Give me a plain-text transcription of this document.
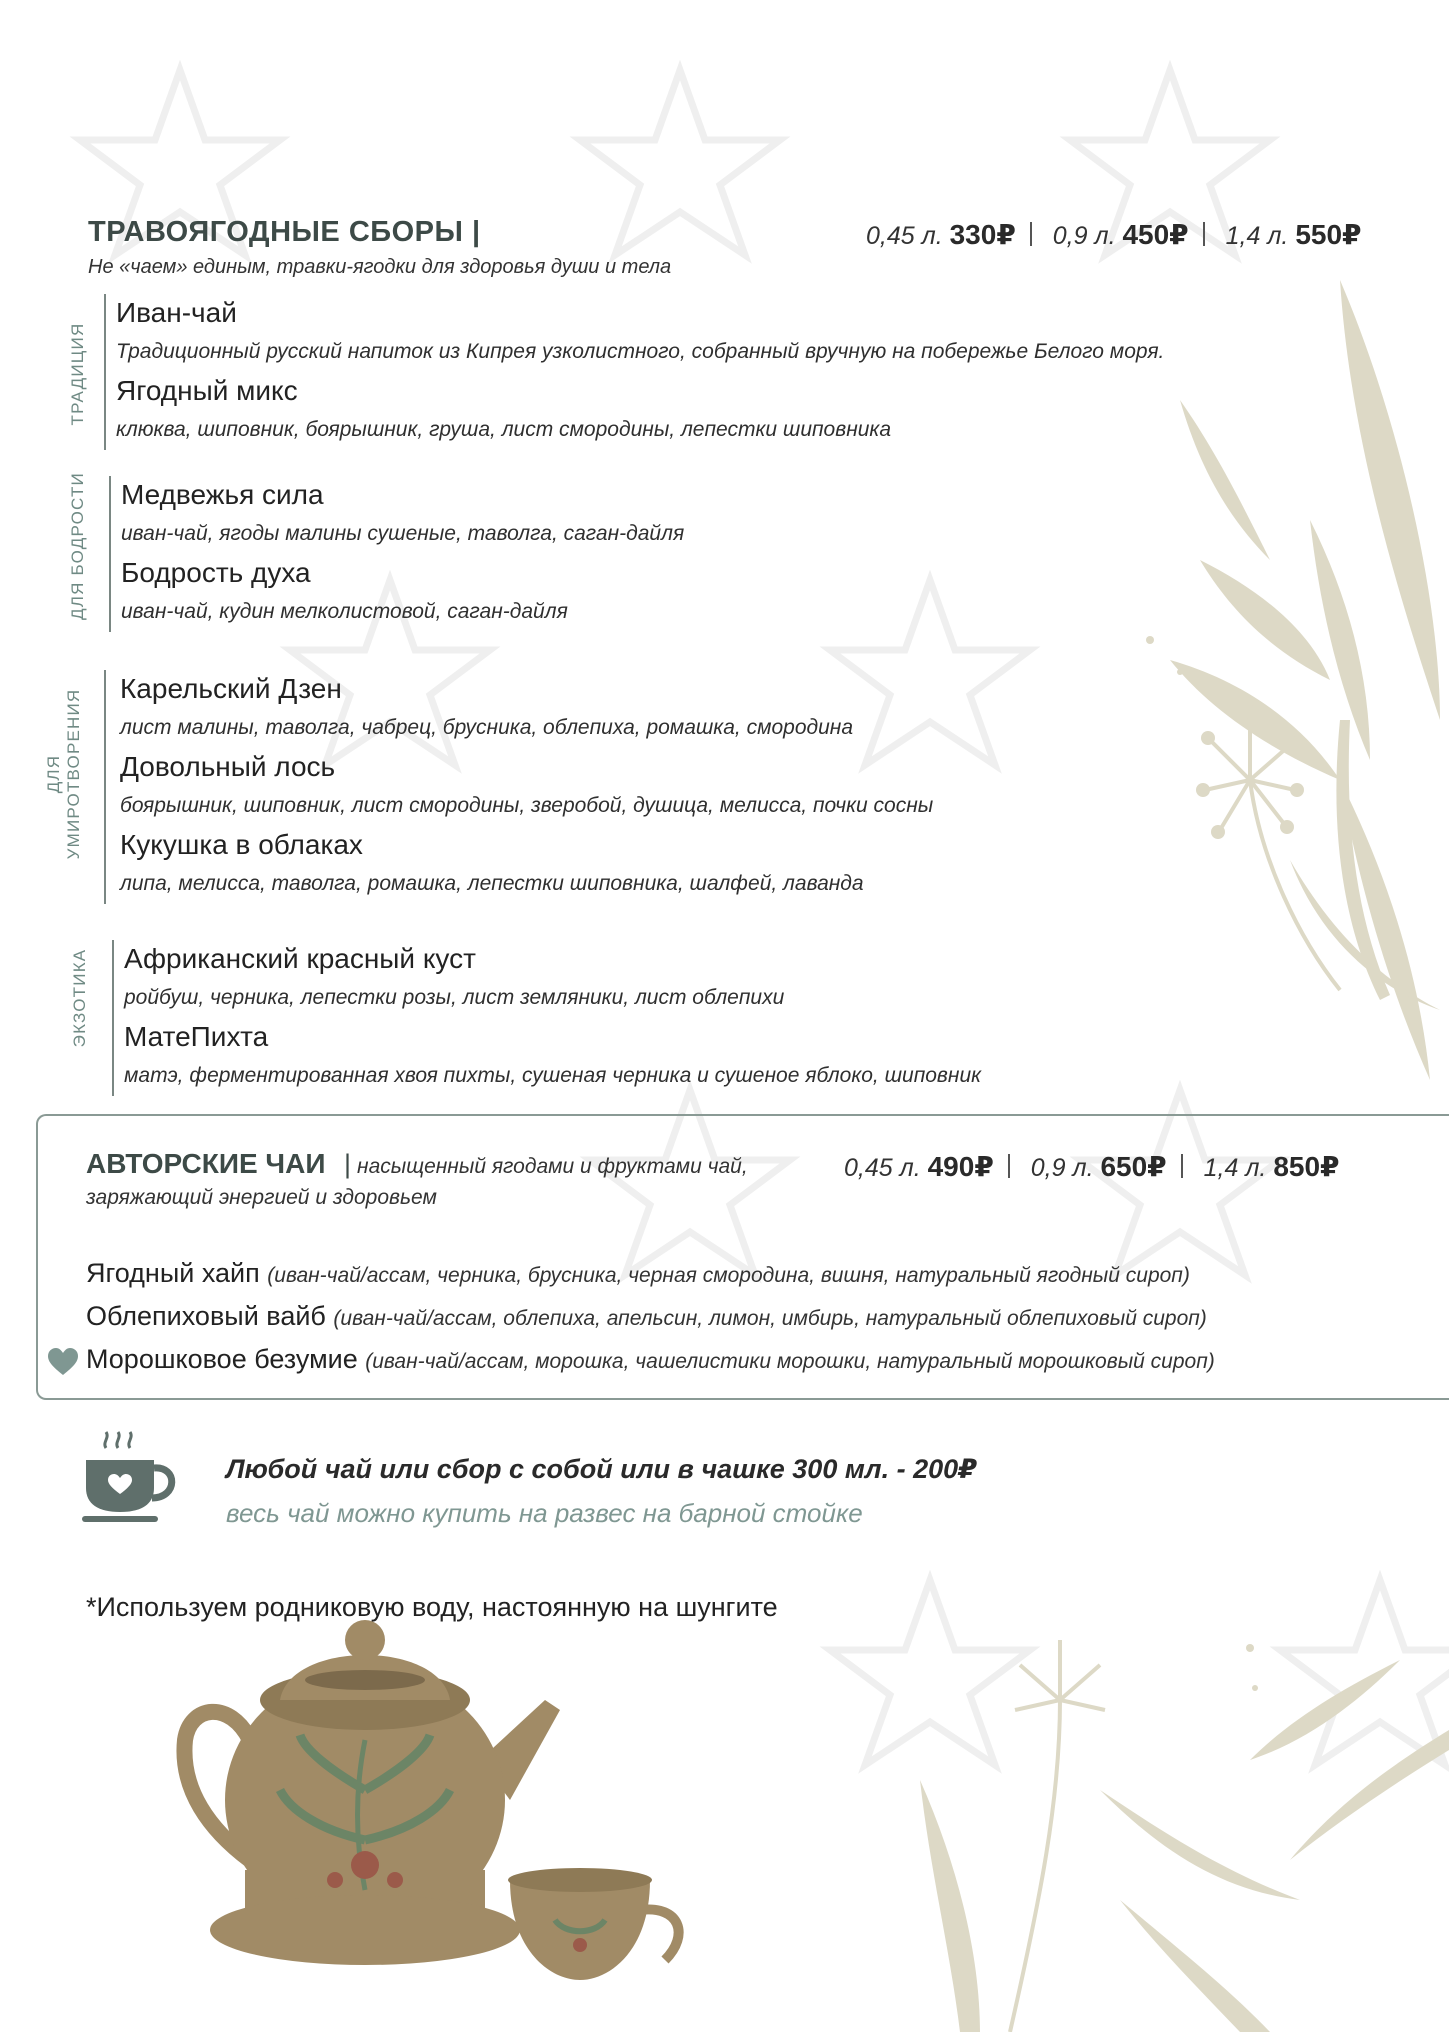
ТРАВОЯГОДНЫЕ СБОРЫ |
Не «чаем» единым, травки-ягодки для здоровья души и тела
0,45 л. 330₽ 0,9 л. 450₽ 1,4 л. 550₽
ТРАДИЦИЯ
Иван-чай
Традиционный русский напиток из Кипрея узколистного, собранный вручную на побережье Белого моря.
Ягодный микс
клюква, шиповник, боярышник, груша, лист смородины, лепестки шиповника
ДЛЯ БОДРОСТИ Медвежья сила
иван-чай, ягоды малины сушеные, таволга, саган-дайля
Бодрость духа
иван-чай, кудин мелколистовой, саган-дайля
ДЛЯ
УМИРОТВОРЕНИЯ
Карельский Дзен
лист малины, таволга, чабрец, брусника, облепиха, ромашка, смородина
Довольный лось
боярышник, шиповник, лист смородины, зверобой, душица, мелисса, почки сосны
Кукушка в облаках
липа, мелисса, таволга, ромашка, лепестки шиповника, шалфей, лаванда
ЭКЗОТИКА Африканский красный куст
ройбуш, черника, лепестки розы, лист земляники, лист облепихи
МатеПихта
матэ, ферментированная хвоя пихты, сушеная черника и сушеное яблоко, шиповник
АВТОРСКИЕ ЧАИ | насыщенный ягодами и фруктами чай,
заряжающий энергией и здоровьем
0,45 л. 490₽ 0,9 л. 650₽ 1,4 л. 850₽
Ягодный хайп (иван-чай/ассам, черника, брусника, черная смородина, вишня, натуральный ягодный сироп)
Облепиховый вайб (иван-чай/ассам, облепиха, апельсин, лимон, имбирь, натуральный облепиховый сироп)
Морошковое безумие (иван-чай/ассам, морошка, чашелистики морошки, натуральный морошковый сироп)
Любой чай или сбор с собой или в чашке 300 мл. - 200₽
весь чай можно купить на развес на барной стойке
*Используем родниковую воду, настоянную на шунгите
